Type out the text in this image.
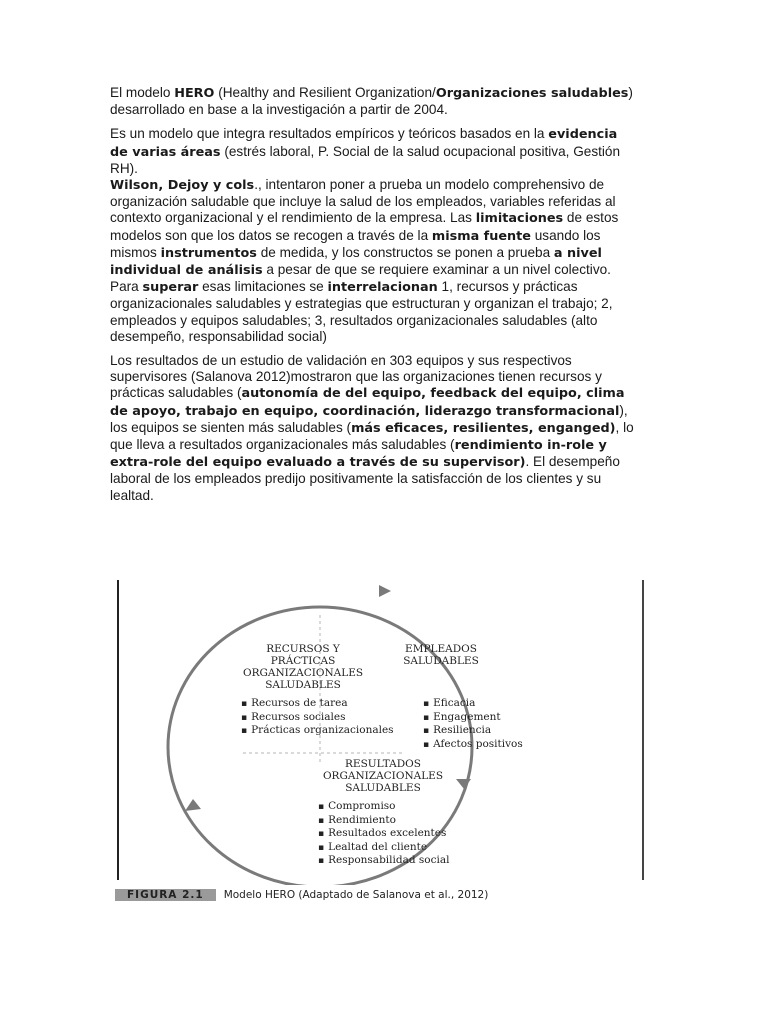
El modelo HERO (Healthy and Resilient Organization/Organizaciones saludables) desarrollado en base a la investigación a partir de 2004.

Es un modelo que integra resultados empíricos y teóricos basados en la evidencia de varias áreas (estrés laboral, P. Social de la salud ocupacional positiva, Gestión RH).

Wilson, Dejoy y cols., intentaron poner a prueba un modelo comprehensivo de organización saludable que incluye la salud de los empleados, variables referidas al contexto organizacional y el rendimiento de la empresa. Las limitaciones de estos modelos son que los datos se recogen a través de la misma fuente usando los mismos instrumentos de medida, y los constructos se ponen a prueba a nivel individual de análisis a pesar de que se requiere examinar a un nivel colectivo.

Para superar esas limitaciones se interrelacionan 1, recursos y prácticas organizacionales saludables y estrategias que estructuran y organizan el trabajo; 2, empleados y equipos saludables; 3, resultados organizacionales saludables (alto desempeño, responsabilidad social)

Los resultados de un estudio de validación en 303 equipos y sus respectivos supervisores (Salanova 2012)mostraron que las organizaciones tienen recursos y prácticas saludables (autonomía de del equipo, feedback del equipo, clima de apoyo, trabajo en equipo, coordinación, liderazgo transformacional), los equipos se sienten más saludables (más eficaces, resilientes, enganged), lo que lleva a resultados organizacionales más saludables (rendimiento in-role y extra-role del equipo evaluado a través de su supervisor). El desempeño laboral de los empleados predijo positivamente la satisfacción de los clientes y su lealtad.

RECURSOS Y PRÁCTICAS ORGANIZACIONALES SALUDABLES
▪ Recursos de tarea
▪ Recursos sociales
▪ Prácticas organizacionales
EMPLEADOS SALUDABLES
▪ Eficacia
▪ Engagement
▪ Resiliencia
▪ Afectos positivos
RESULTADOS ORGANIZACIONALES SALUDABLES
▪ Compromiso
▪ Rendimiento
▪ Resultados excelentes
▪ Lealtad del cliente
▪ Responsabilidad social
FIGURA 2.1 Modelo HERO (Adaptado de Salanova et al., 2012)
